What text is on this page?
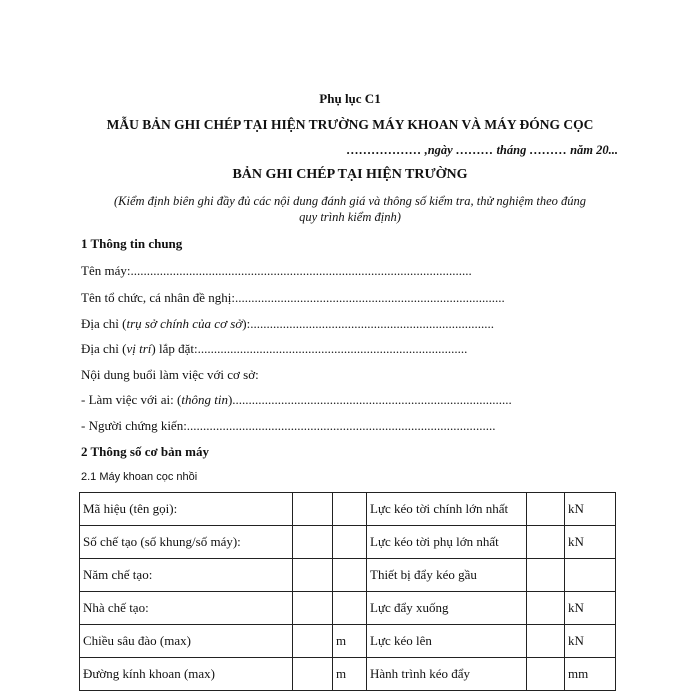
Phụ lục C1
MẪU BẢN GHI CHÉP TẠI HIỆN TRƯỜNG MÁY KHOAN VÀ MÁY ĐÓNG CỌC
……………… ,ngày ……… tháng ……… năm 20...
BẢN GHI CHÉP TẠI HIỆN TRƯỜNG
(Kiểm định biên ghi đầy đủ các nội dung đánh giá và thông số kiểm tra, thử nghiệm theo đúng
quy trình kiểm định)
1 Thông tin chung
Tên máy:.........................................................................................................
Tên tổ chức, cá nhân đề nghị:...................................................................................
Địa chỉ (trụ sở chính của cơ sở):...........................................................................
Địa chỉ (vị trí) lắp đặt:...................................................................................
Nội dung buổi làm việc với cơ sở:
- Làm việc với ai: (thông tin)......................................................................................
- Người chứng kiến:...............................................................................................
2 Thông số cơ bản máy
2.1 Máy khoan cọc nhồi
Mã hiệu (tên gọi):			Lực kéo tời chính lớn nhất		kN
Số chế tạo (số khung/số máy):			Lực kéo tời phụ lớn nhất		kN
Năm chế tạo:			Thiết bị đẩy kéo gầu		
Nhà chế tạo:			Lực đẩy xuống		kN
Chiều sâu đào (max)		m	Lực kéo lên		kN
Đường kính khoan (max)		m	Hành trình kéo đẩy		mm
